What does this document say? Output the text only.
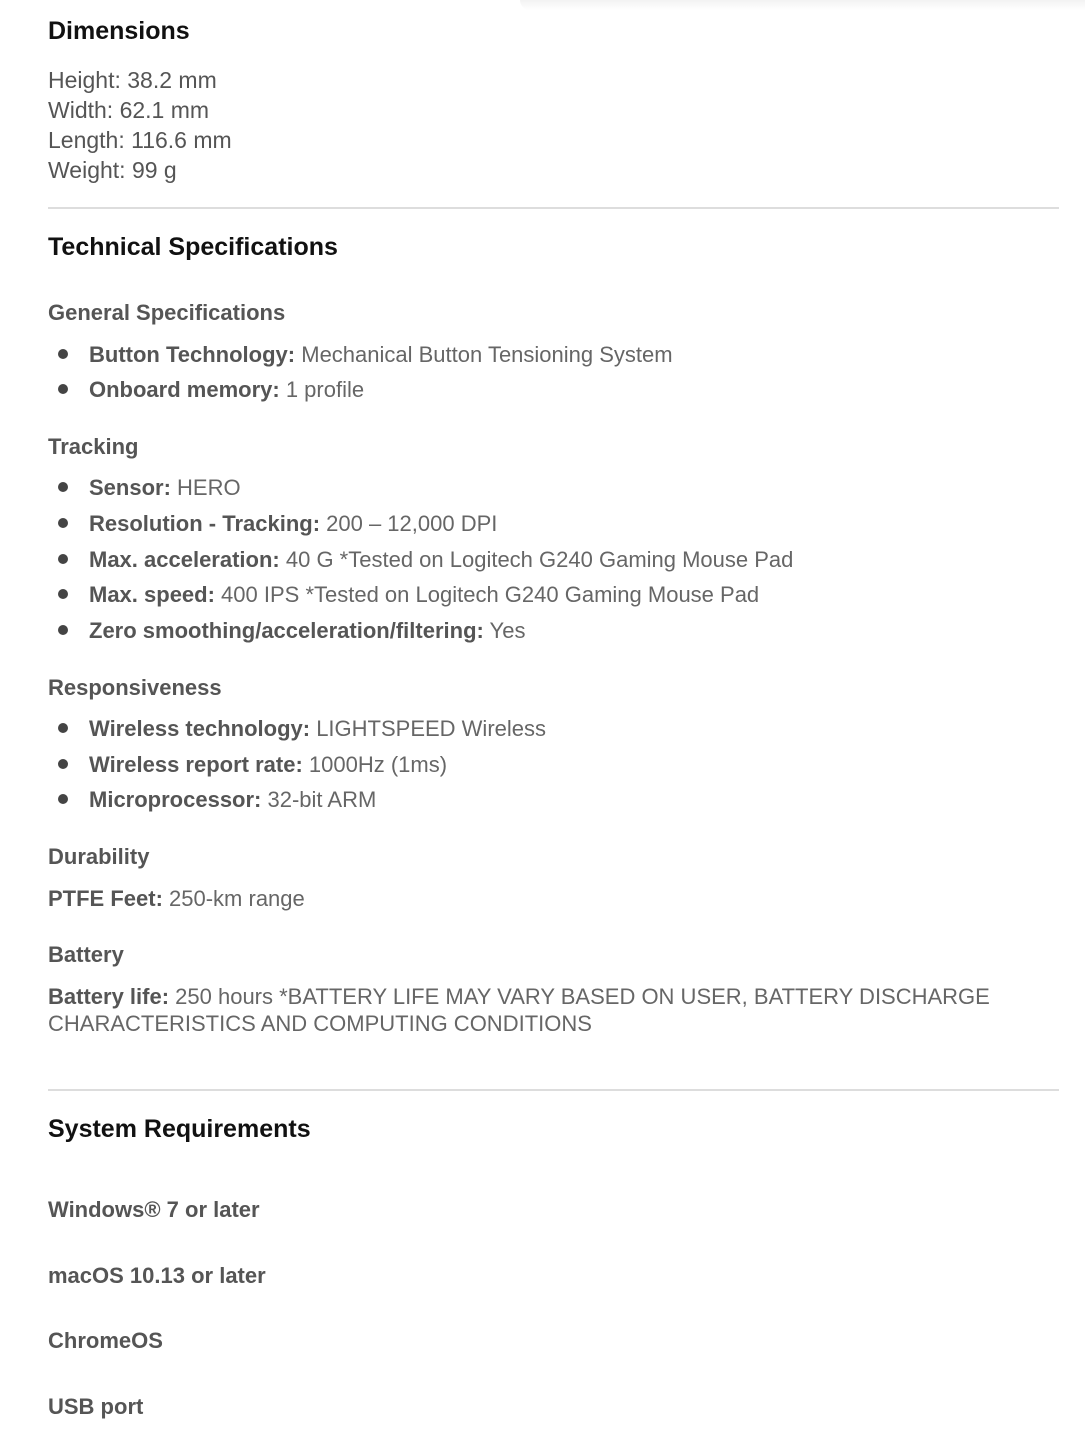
Dimensions
Height: 38.2 mm
Width: 62.1 mm
Length: 116.6 mm
Weight: 99 g
Technical Specifications
General Specifications
Button Technology: Mechanical Button Tensioning System
Onboard memory: 1 profile
Tracking
Sensor: HERO
Resolution - Tracking: 200 – 12,000 DPI
Max. acceleration: 40 G *Tested on Logitech G240 Gaming Mouse Pad
Max. speed: 400 IPS *Tested on Logitech G240 Gaming Mouse Pad
Zero smoothing/acceleration/filtering: Yes
Responsiveness
Wireless technology: LIGHTSPEED Wireless
Wireless report rate: 1000Hz (1ms)
Microprocessor: 32-bit ARM
Durability
PTFE Feet: 250-km range
Battery
Battery life: 250 hours *BATTERY LIFE MAY VARY BASED ON USER, BATTERY DISCHARGE CHARACTERISTICS AND COMPUTING CONDITIONS
System Requirements
Windows® 7 or later
macOS 10.13 or later
ChromeOS
USB port
